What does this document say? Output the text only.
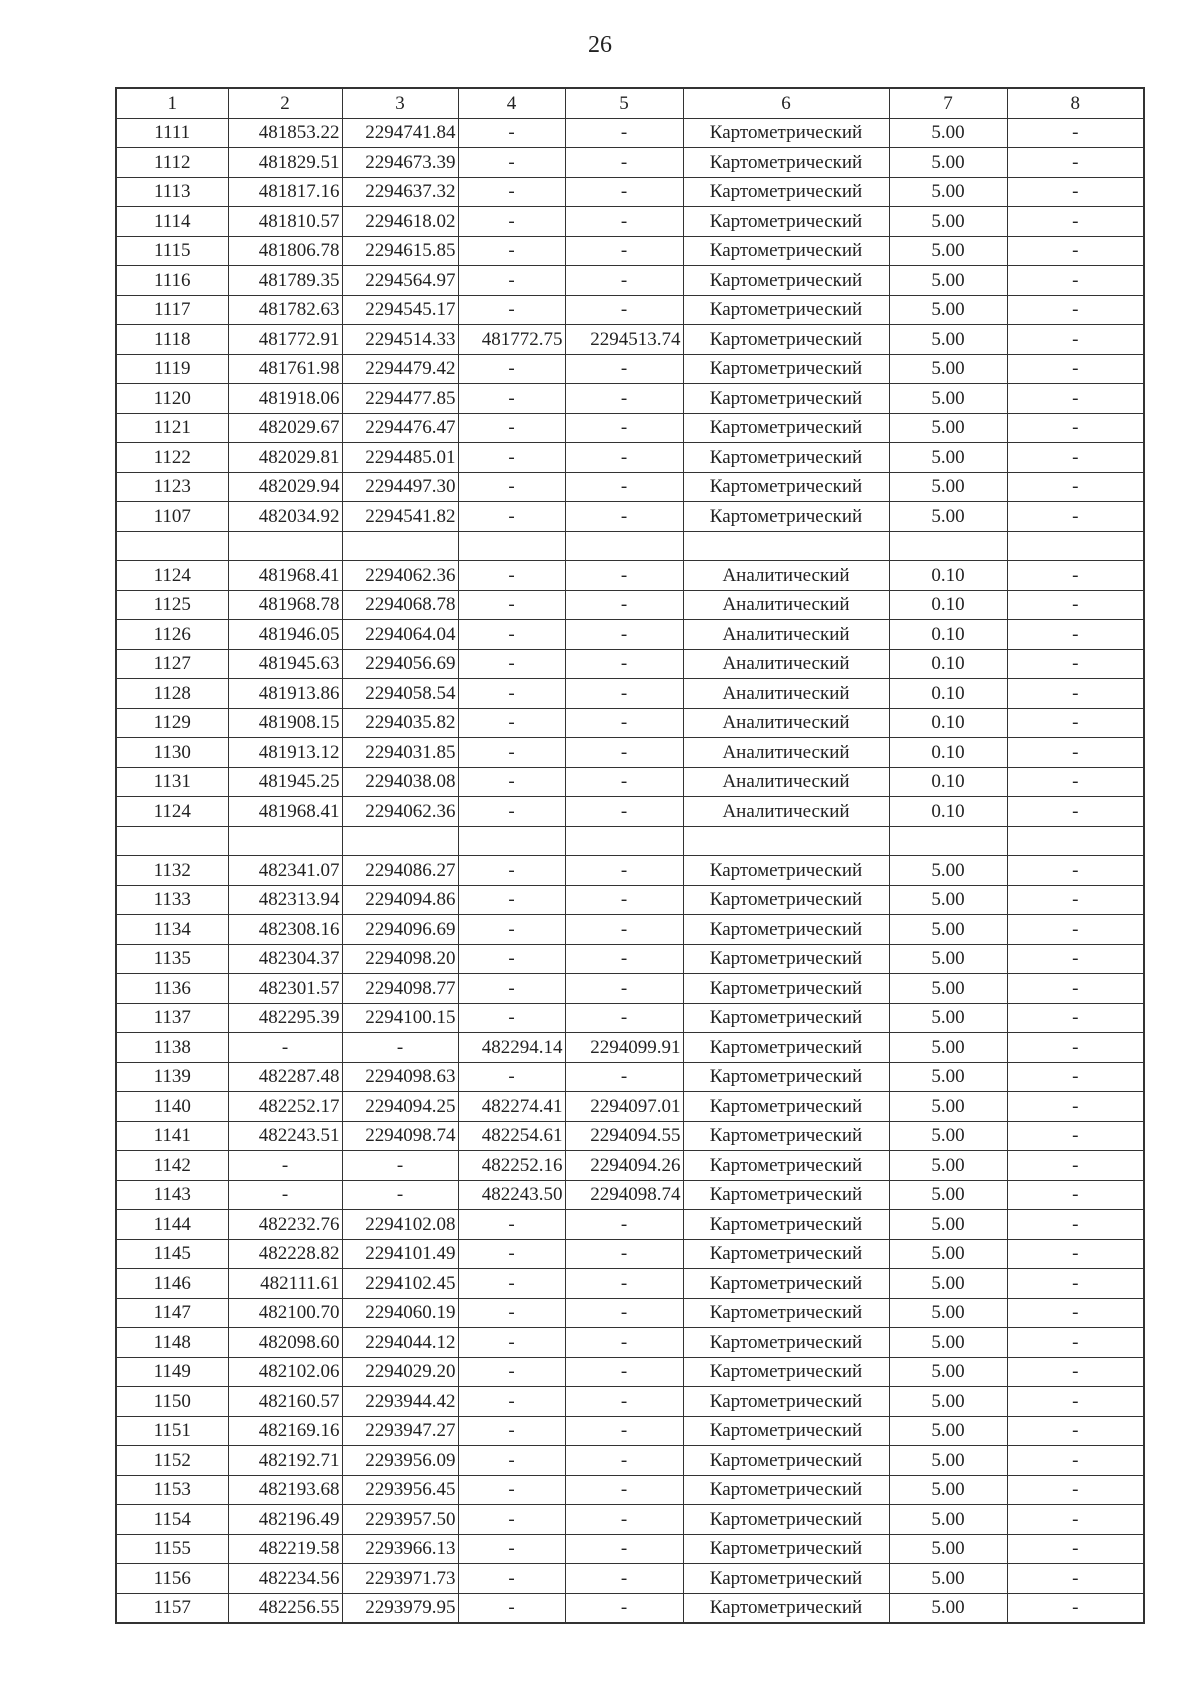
26
1	2	3	4	5	6	7	8
1111	481853.22	2294741.84	-	-	Картометрический	5.00	-
1112	481829.51	2294673.39	-	-	Картометрический	5.00	-
1113	481817.16	2294637.32	-	-	Картометрический	5.00	-
1114	481810.57	2294618.02	-	-	Картометрический	5.00	-
1115	481806.78	2294615.85	-	-	Картометрический	5.00	-
1116	481789.35	2294564.97	-	-	Картометрический	5.00	-
1117	481782.63	2294545.17	-	-	Картометрический	5.00	-
1118	481772.91	2294514.33	481772.75	2294513.74	Картометрический	5.00	-
1119	481761.98	2294479.42	-	-	Картометрический	5.00	-
1120	481918.06	2294477.85	-	-	Картометрический	5.00	-
1121	482029.67	2294476.47	-	-	Картометрический	5.00	-
1122	482029.81	2294485.01	-	-	Картометрический	5.00	-
1123	482029.94	2294497.30	-	-	Картометрический	5.00	-
1107	482034.92	2294541.82	-	-	Картометрический	5.00	-

1124	481968.41	2294062.36	-	-	Аналитический	0.10	-
1125	481968.78	2294068.78	-	-	Аналитический	0.10	-
1126	481946.05	2294064.04	-	-	Аналитический	0.10	-
1127	481945.63	2294056.69	-	-	Аналитический	0.10	-
1128	481913.86	2294058.54	-	-	Аналитический	0.10	-
1129	481908.15	2294035.82	-	-	Аналитический	0.10	-
1130	481913.12	2294031.85	-	-	Аналитический	0.10	-
1131	481945.25	2294038.08	-	-	Аналитический	0.10	-
1124	481968.41	2294062.36	-	-	Аналитический	0.10	-

1132	482341.07	2294086.27	-	-	Картометрический	5.00	-
1133	482313.94	2294094.86	-	-	Картометрический	5.00	-
1134	482308.16	2294096.69	-	-	Картометрический	5.00	-
1135	482304.37	2294098.20	-	-	Картометрический	5.00	-
1136	482301.57	2294098.77	-	-	Картометрический	5.00	-
1137	482295.39	2294100.15	-	-	Картометрический	5.00	-
1138	-	-	482294.14	2294099.91	Картометрический	5.00	-
1139	482287.48	2294098.63	-	-	Картометрический	5.00	-
1140	482252.17	2294094.25	482274.41	2294097.01	Картометрический	5.00	-
1141	482243.51	2294098.74	482254.61	2294094.55	Картометрический	5.00	-
1142	-	-	482252.16	2294094.26	Картометрический	5.00	-
1143	-	-	482243.50	2294098.74	Картометрический	5.00	-
1144	482232.76	2294102.08	-	-	Картометрический	5.00	-
1145	482228.82	2294101.49	-	-	Картометрический	5.00	-
1146	482111.61	2294102.45	-	-	Картометрический	5.00	-
1147	482100.70	2294060.19	-	-	Картометрический	5.00	-
1148	482098.60	2294044.12	-	-	Картометрический	5.00	-
1149	482102.06	2294029.20	-	-	Картометрический	5.00	-
1150	482160.57	2293944.42	-	-	Картометрический	5.00	-
1151	482169.16	2293947.27	-	-	Картометрический	5.00	-
1152	482192.71	2293956.09	-	-	Картометрический	5.00	-
1153	482193.68	2293956.45	-	-	Картометрический	5.00	-
1154	482196.49	2293957.50	-	-	Картометрический	5.00	-
1155	482219.58	2293966.13	-	-	Картометрический	5.00	-
1156	482234.56	2293971.73	-	-	Картометрический	5.00	-
1157	482256.55	2293979.95	-	-	Картометрический	5.00	-
